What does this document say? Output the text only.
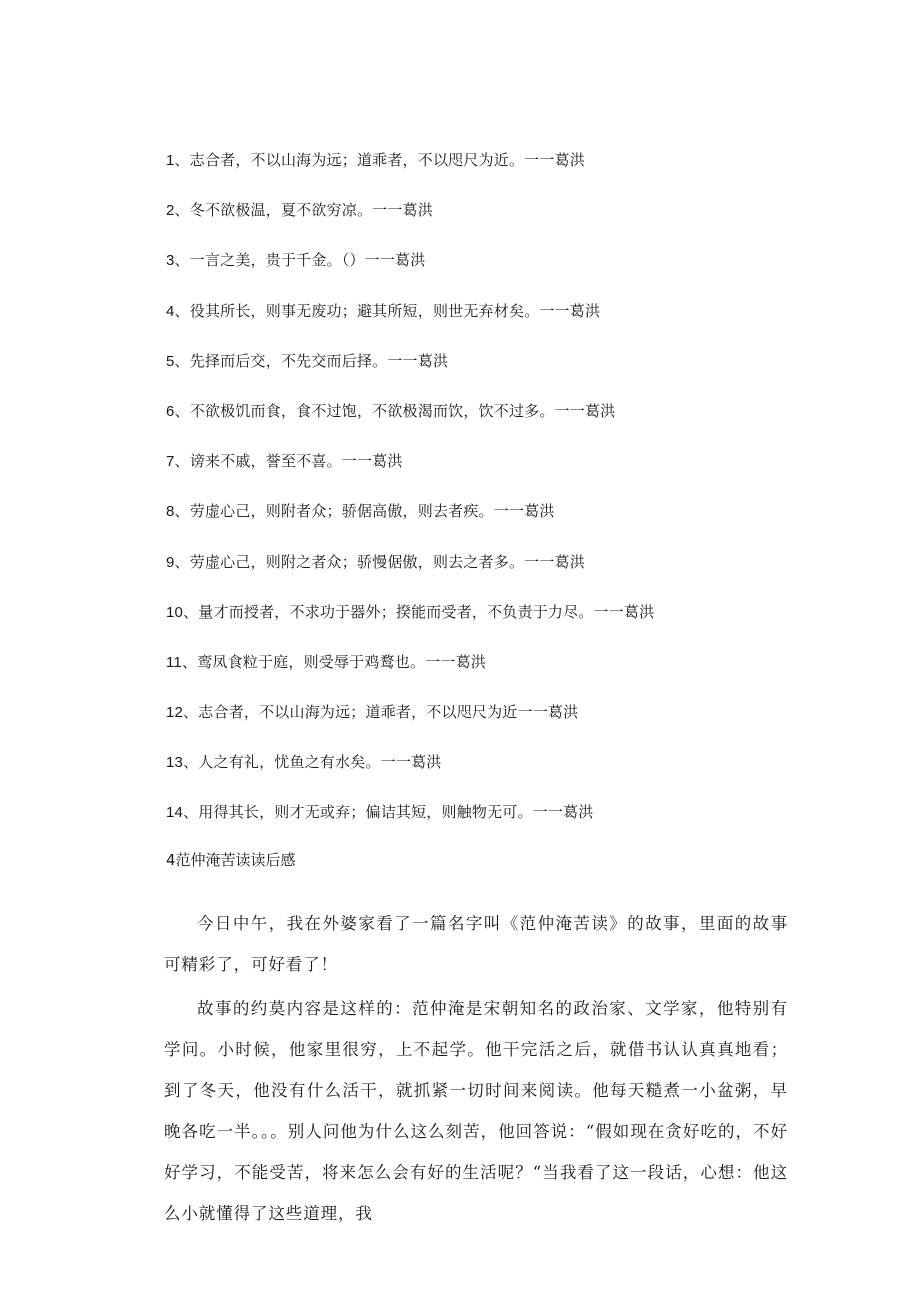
1、志合者，不以山海为远；道乖者，不以咫尺为近。一一葛洪
2、冬不欲极温，夏不欲穷凉。一一葛洪
3、一言之美，贵于千金。（）一一葛洪
4、役其所长，则事无废功；避其所短，则世无弃材矣。一一葛洪
5、先择而后交，不先交而后择。一一葛洪
6、不欲极饥而食，食不过饱，不欲极渴而饮，饮不过多。一一葛洪
7、谤来不戚，誉至不喜。一一葛洪
8、劳虚心己，则附者众；骄倨高傲，则去者疾。一一葛洪
9、劳虚心己，则附之者众；骄慢倨傲，则去之者多。一一葛洪
10、量才而授者，不求功于器外；揆能而受者，不负责于力尽。一一葛洪
11、鸾凤食粒于庭，则受辱于鸡鹜也。一一葛洪
12、志合者，不以山海为远；道乖者，不以咫尺为近一一葛洪
13、人之有礼，忧鱼之有水矣。一一葛洪
14、用得其长，则才无或弃；偏诘其短，则触物无可。一一葛洪
4范仲淹苦读读后感

今日中午，我在外婆家看了一篇名字叫《范仲淹苦读》的故事，里面的故事可精彩了，可好看了！

故事的约莫内容是这样的：范仲淹是宋朝知名的政治家、文学家，他特别有学问。小时候，他家里很穷，上不起学。他干完活之后，就借书认认真真地看；到了冬天，他没有什么活干，就抓紧一切时间来阅读。他每天糙煮一小盆粥，早晚各吃一半。。。别人问他为什么这么刻苦，他回答说：“假如现在贪好吃的，不好好学习，不能受苦，将来怎么会有好的生活呢？“当我看了这一段话，心想：他这么小就懂得了这些道理，我
